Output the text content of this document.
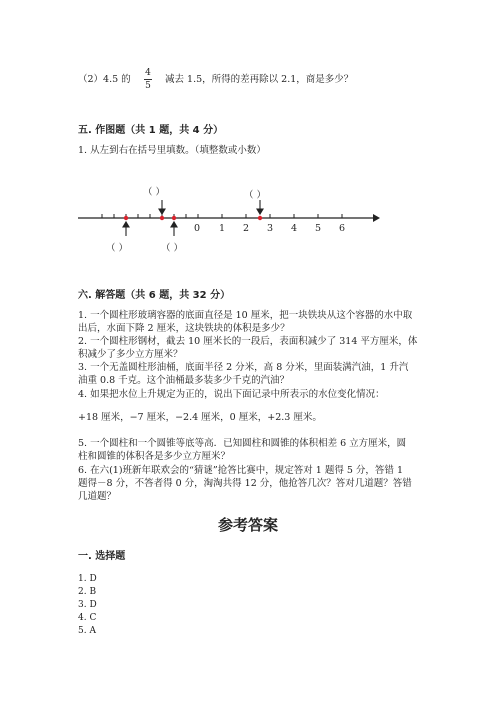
（2）4.5 的
4
5
减去 1.5，所得的差再除以 2.1，商是多少？
五. 作图题（共 1 题，共 4 分）
1. 从左到右在括号里填数。（填整数或小数）
（ ）	（ ）
（ ）	（ ）
0 1 2 3 4 5 6
六. 解答题（共 6 题，共 32 分）
1. 一个圆柱形玻璃容器的底面直径是 10 厘米，把一块铁块从这个容器的水中取
出后，水面下降 2 厘米，这块铁块的体积是多少？
2. 一个圆柱形钢材，截去 10 厘米长的一段后，表面积减少了 314 平方厘米，体
积减少了多少立方厘米？
3. 一个无盖圆柱形油桶，底面半径 2 分米，高 8 分米，里面装满汽油，1 升汽
油重 0.8 千克。这个油桶最多装多少千克的汽油？
4. 如果把水位上升规定为正的，说出下面记录中所表示的水位变化情况：
+18 厘米，−7 厘米，−2.4 厘米，0 厘米，+2.3 厘米。
5. 一个圆柱和一个圆锥等底等高．已知圆柱和圆锥的体积相差 6 立方厘米，圆
柱和圆锥的体积各是多少立方厘米？
6. 在六(1)班新年联欢会的“猜谜”抢答比赛中，规定答对 1 题得 5 分，答错 1
题得－8 分，不答者得 0 分，淘淘共得 12 分，他抢答几次？答对几道题？答错
几道题？
参考答案
一. 选择题
1. D
2. B
3. D
4. C
5. A
